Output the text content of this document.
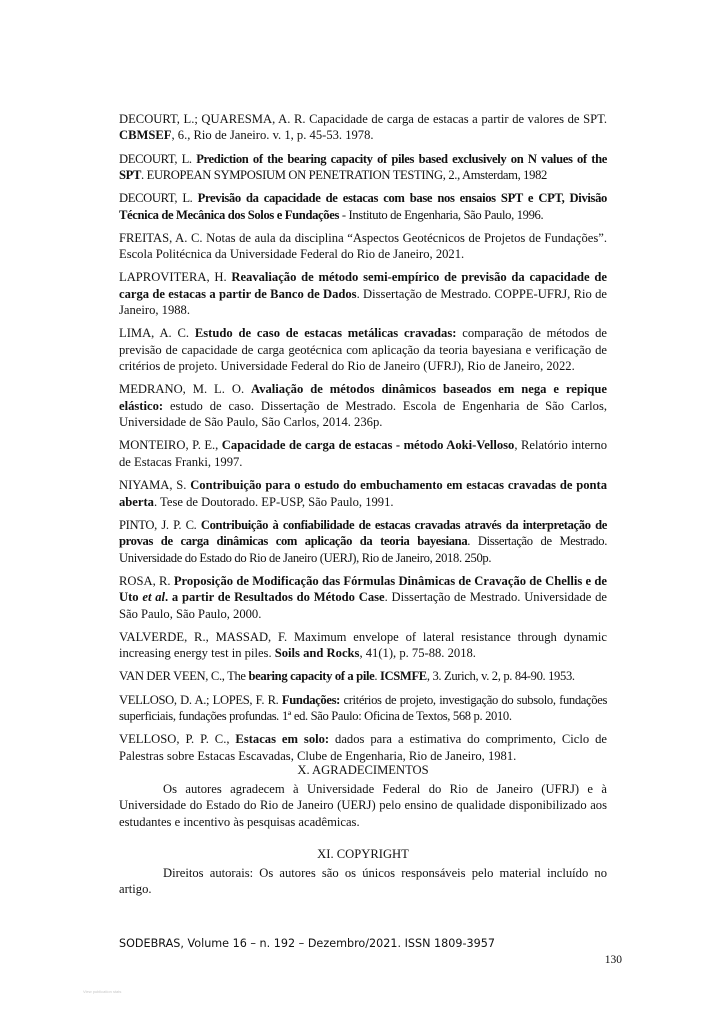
DECOURT, L.; QUARESMA, A. R. Capacidade de carga de estacas a partir de valores de SPT. CBMSEF, 6., Rio de Janeiro. v. 1, p. 45-53. 1978.

DECOURT, L. Prediction of the bearing capacity of piles based exclusively on N values of the SPT. EUROPEAN SYMPOSIUM ON PENETRATION TESTING, 2., Amsterdam, 1982

DECOURT, L. Previsão da capacidade de estacas com base nos ensaios SPT e CPT, Divisão Técnica de Mecânica dos Solos e Fundações - Instituto de Engenharia, São Paulo, 1996.

FREITAS, A. C. Notas de aula da disciplina “Aspectos Geotécnicos de Projetos de Fundações”. Escola Politécnica da Universidade Federal do Rio de Janeiro, 2021.

LAPROVITERA, H. Reavaliação de método semi-empírico de previsão da capacidade de carga de estacas a partir de Banco de Dados. Dissertação de Mestrado. COPPE-UFRJ, Rio de Janeiro, 1988.

LIMA, A. C. Estudo de caso de estacas metálicas cravadas: comparação de métodos de previsão de capacidade de carga geotécnica com aplicação da teoria bayesiana e verificação de critérios de projeto. Universidade Federal do Rio de Janeiro (UFRJ), Rio de Janeiro, 2022.

MEDRANO, M. L. O. Avaliação de métodos dinâmicos baseados em nega e repique elástico: estudo de caso. Dissertação de Mestrado. Escola de Engenharia de São Carlos, Universidade de São Paulo, São Carlos, 2014. 236p.

MONTEIRO, P. E., Capacidade de carga de estacas - método Aoki-Velloso, Relatório interno de Estacas Franki, 1997.

NIYAMA, S. Contribuição para o estudo do embuchamento em estacas cravadas de ponta aberta. Tese de Doutorado. EP-USP, São Paulo, 1991.

PINTO, J. P. C. Contribuição à confiabilidade de estacas cravadas através da interpretação de provas de carga dinâmicas com aplicação da teoria bayesiana. Dissertação de Mestrado. Universidade do Estado do Rio de Janeiro (UERJ), Rio de Janeiro, 2018. 250p.

ROSA, R. Proposição de Modificação das Fórmulas Dinâmicas de Cravação de Chellis e de Uto et al. a partir de Resultados do Método Case. Dissertação de Mestrado. Universidade de São Paulo, São Paulo, 2000.

VALVERDE, R., MASSAD, F. Maximum envelope of lateral resistance through dynamic increasing energy test in piles. Soils and Rocks, 41(1), p. 75-88. 2018.

VAN DER VEEN, C., The bearing capacity of a pile. ICSMFE, 3. Zurich, v. 2, p. 84-90. 1953.

VELLOSO, D. A.; LOPES, F. R. Fundações: critérios de projeto, investigação do subsolo, fundações superficiais, fundações profundas. 1ª ed. São Paulo: Oficina de Textos, 568 p. 2010.

VELLOSO, P. P. C., Estacas em solo: dados para a estimativa do comprimento, Ciclo de Palestras sobre Estacas Escavadas, Clube de Engenharia, Rio de Janeiro, 1981.

X. AGRADECIMENTOS
Os autores agradecem à Universidade Federal do Rio de Janeiro (UFRJ) e à Universidade do Estado do Rio de Janeiro (UERJ) pelo ensino de qualidade disponibilizado aos estudantes e incentivo às pesquisas acadêmicas.
XI. COPYRIGHT
Direitos autorais: Os autores são os únicos responsáveis pelo material incluído no artigo.
SODEBRAS, Volume 16 – n. 192 – Dezembro/2021. ISSN 1809-3957
130
View publication stats
